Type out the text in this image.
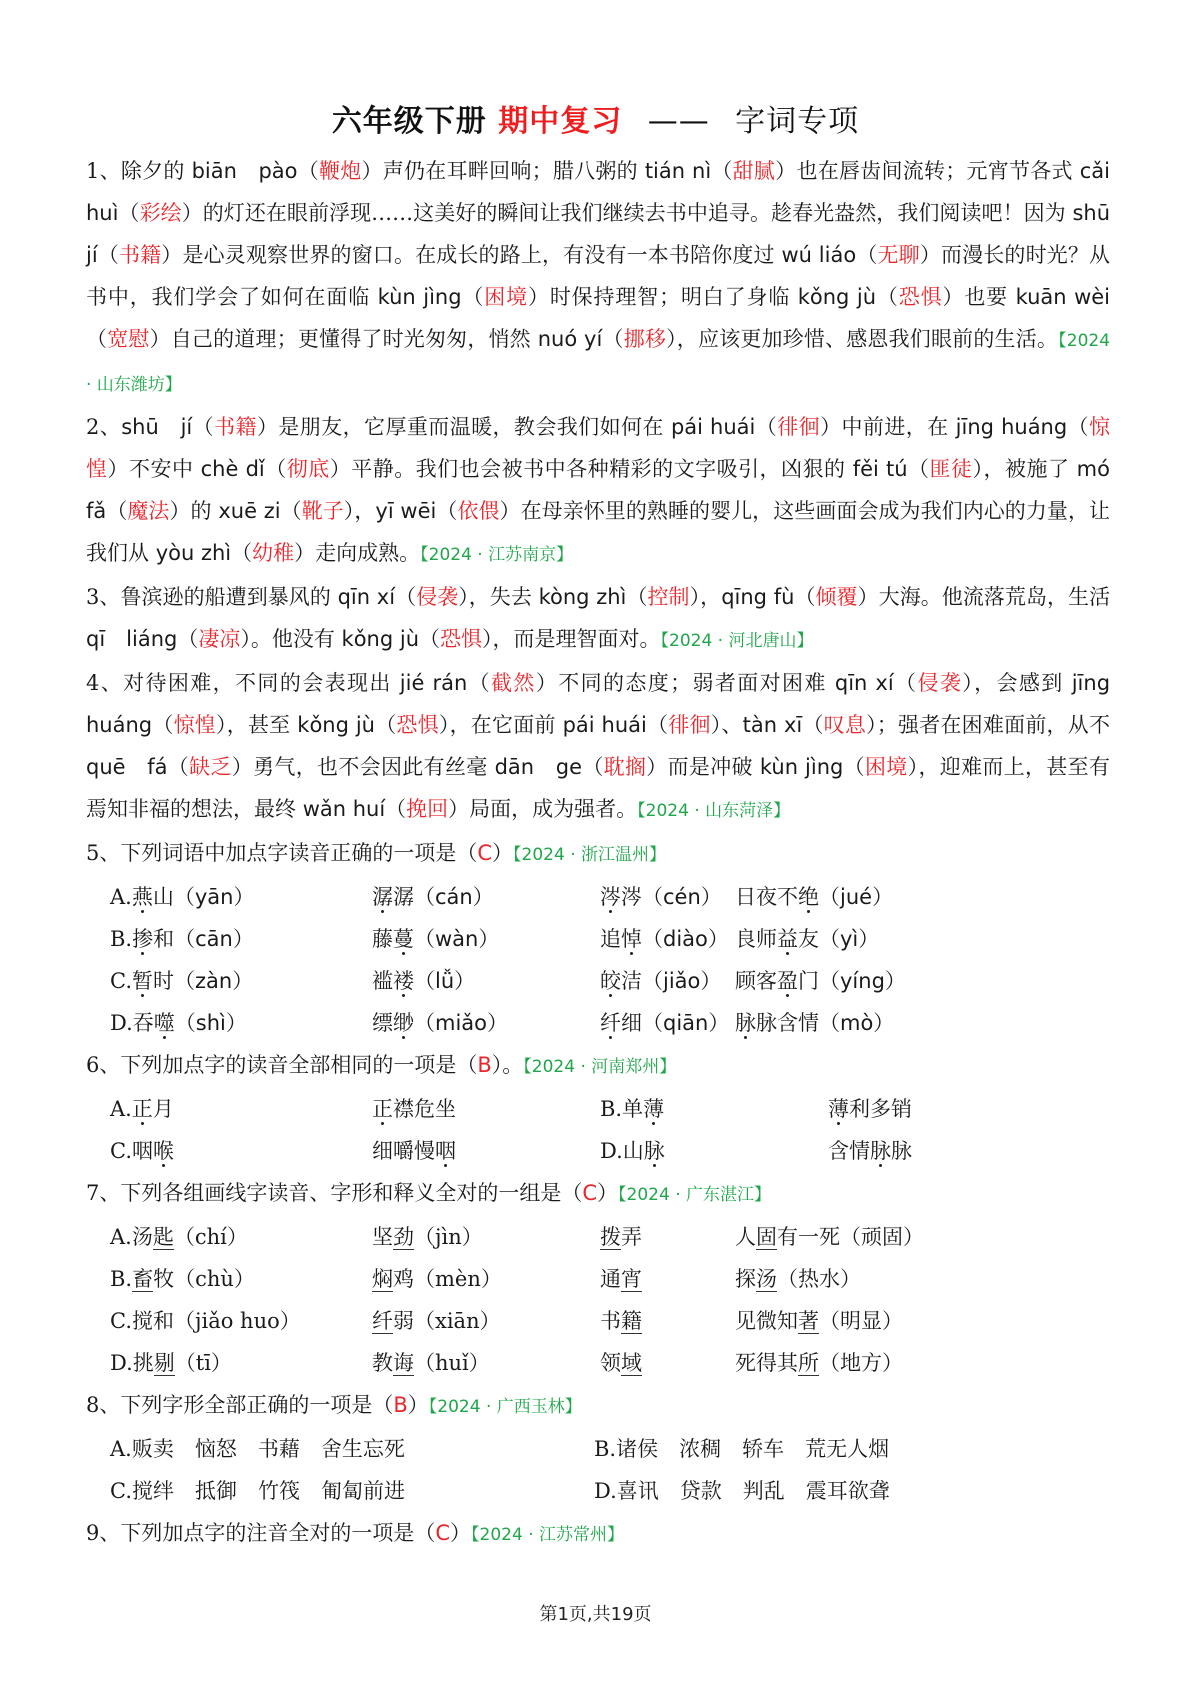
六年级下册 期中复习 —— 字词专项

1、除夕的 biān　pào（鞭炮）声仍在耳畔回响；腊八粥的 tián nì（甜腻）也在唇齿间流转；元宵节各式 cǎi huì（彩绘）的灯还在眼前浮现……这美好的瞬间让我们继续去书中追寻。趁春光盎然，我们阅读吧！因为 shū jí（书籍）是心灵观察世界的窗口。在成长的路上，有没有一本书陪你度过 wú liáo（无聊）而漫长的时光？从书中，我们学会了如何在面临 kùn jìng（困境）时保持理智；明白了身临 kǒng jù（恐惧）也要 kuān wèi（宽慰）自己的道理；更懂得了时光匆匆，悄然 nuó yí（挪移），应该更加珍惜、感恩我们眼前的生活。【2024 · 山东潍坊】

2、shū　jí（书籍）是朋友，它厚重而温暖，教会我们如何在 pái huái（徘徊）中前进，在 jīng huáng（惊惶）不安中 chè dǐ（彻底）平静。我们也会被书中各种精彩的文字吸引，凶狠的 fěi tú（匪徒），被施了 mó fǎ（魔法）的 xuē zi（靴子），yī wēi（依偎）在母亲怀里的熟睡的婴儿，这些画面会成为我们内心的力量，让我们从 yòu zhì（幼稚）走向成熟。【2024 · 江苏南京】

3、鲁滨逊的船遭到暴风的 qīn xí（侵袭），失去 kòng zhì（控制），qīng fù（倾覆）大海。他流落荒岛，生活 qī　liáng（凄凉）。他没有 kǒng jù（恐惧），而是理智面对。【2024 · 河北唐山】

4、对待困难，不同的会表现出 jié rán（截然）不同的态度；弱者面对困难 qīn xí（侵袭），会感到 jīng huáng（惊惶），甚至 kǒng jù（恐惧），在它面前 pái huái（徘徊）、tàn xī（叹息）；强者在困难面前，从不 quē　fá（缺乏）勇气，也不会因此有丝毫 dān　ge（耽搁）而是冲破 kùn jìng（困境），迎难而上，甚至有焉知非福的想法，最终 wǎn huí（挽回）局面，成为强者。【2024 · 山东菏泽】

5、下列词语中加点字读音正确的一项是（C）【2024 · 浙江温州】

A.燕山（yān）	潺潺（cán）	涔涔（cén） 日夜不绝（jué）
B.掺和（cān）	藤蔓（wàn）	追悼（diào） 良师益友（yì）
C.暂时（zàn）	褴褛（lǚ）	皎洁（jiǎo） 顾客盈门（yíng）
D.吞噬（shì）	缥缈（miǎo）	纤细（qiān） 脉脉含情（mò）

6、下列加点字的读音全部相同的一项是（B）。【2024 · 河南郑州】

A.正月	正襟危坐	B.单薄	薄利多销
C.咽喉	细嚼慢咽	D.山脉	含情脉脉

7、下列各组画线字读音、字形和释义全对的一组是（C）【2024 · 广东湛江】

A.汤匙（chí）	坚劲（jìn）	拨弄	人固有一死（顽固）
B.畜牧（chù）	焖鸡（mèn）	通宵	探汤（热水）
C.搅和（jiǎo huo）	纤弱（xiān）	书籍	见微知著（明显）
D.挑剔（tī）	教诲（huǐ）	领域	死得其所（地方）

8、下列字形全部正确的一项是（B）【2024 · 广西玉林】

A.贩卖　恼怒　书藉　舍生忘死	B.诸侯　浓稠　轿车　荒无人烟
C.搅绊　抵御　竹筏　匍匐前进	D.喜讯　贷款　判乱　震耳欲聋

9、下列加点字的注音全对的一项是（C）【2024 · 江苏常州】

第1页,共19页
